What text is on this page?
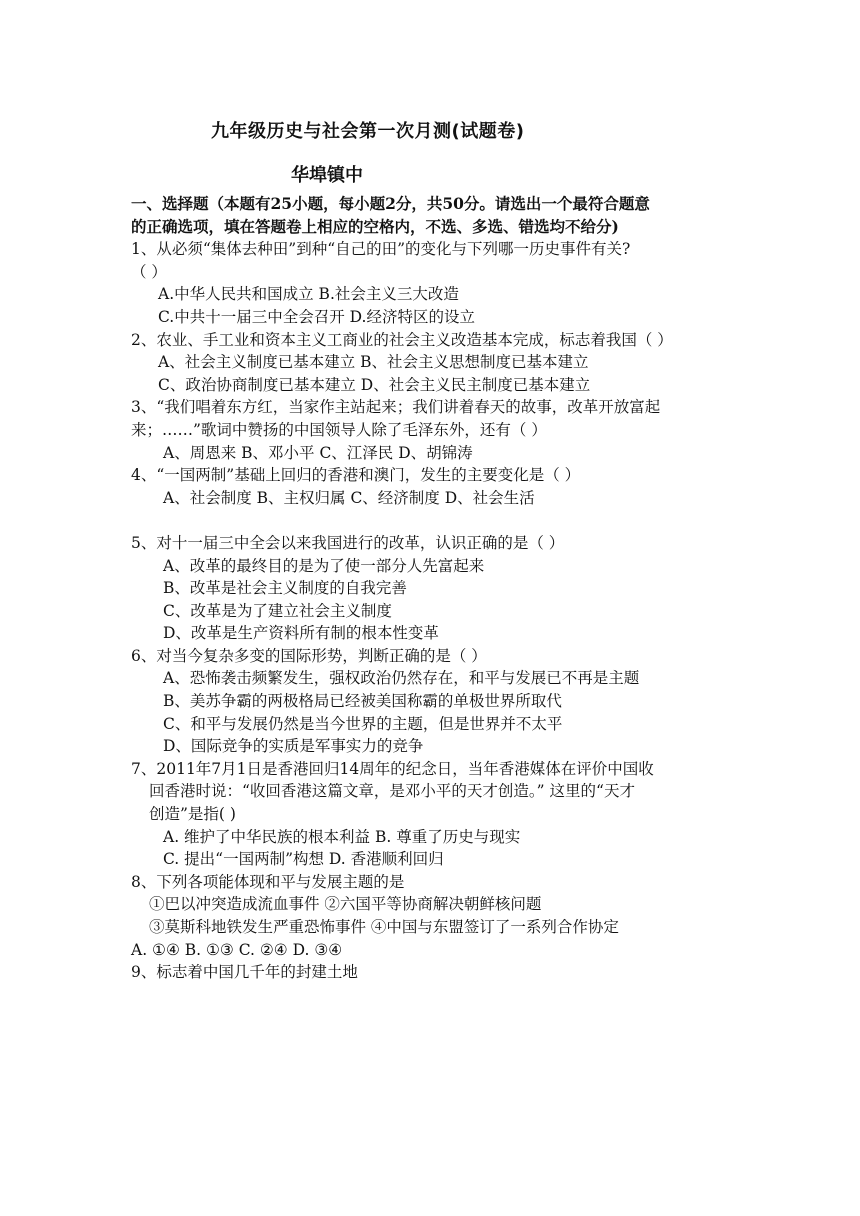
九年级历史与社会第一次月测(试题卷)
华埠镇中
一、选择题（本题有25小题，每小题2分，共50分。请选出一个最符合题意
的正确选项，填在答题卷上相应的空格内，不选、多选、错选均不给分)
1、从必须“集体去种田”到种“自己的田”的变化与下列哪一历史事件有关?
（ ）
A.中华人民共和国成立 B.社会主义三大改造
C.中共十一届三中全会召开 D.经济特区的设立
2、农业、手工业和资本主义工商业的社会主义改造基本完成，标志着我国（ ）
A、社会主义制度已基本建立 B、社会主义思想制度已基本建立
C、政治协商制度已基本建立 D、社会主义民主制度已基本建立
3、“我们唱着东方红，当家作主站起来；我们讲着春天的故事，改革开放富起
来；……”歌词中赞扬的中国领导人除了毛泽东外，还有（ ）
A、周恩来 B、邓小平 C、江泽民 D、胡锦涛
4、“一国两制”基础上回归的香港和澳门，发生的主要变化是（ ）
A、社会制度 B、主权归属 C、经济制度 D、社会生活
5、对十一届三中全会以来我国进行的改革，认识正确的是（ ）
A、改革的最终目的是为了使一部分人先富起来
B、改革是社会主义制度的自我完善
C、改革是为了建立社会主义制度
D、改革是生产资料所有制的根本性变革
6、对当今复杂多变的国际形势，判断正确的是（ ）
A、恐怖袭击频繁发生，强权政治仍然存在，和平与发展已不再是主题
B、美苏争霸的两极格局已经被美国称霸的单极世界所取代
C、和平与发展仍然是当今世界的主题，但是世界并不太平
D、国际竞争的实质是军事实力的竞争
7、2011年7月1日是香港回归14周年的纪念日，当年香港媒体在评价中国收
回香港时说：“收回香港这篇文章，是邓小平的天才创造。” 这里的“天才
创造”是指( )
A. 维护了中华民族的根本利益 B. 尊重了历史与现实
C. 提出“一国两制”构想 D. 香港顺利回归
8、下列各项能体现和平与发展主题的是
①巴以冲突造成流血事件 ②六国平等协商解决朝鲜核问题
③莫斯科地铁发生严重恐怖事件 ④中国与东盟签订了一系列合作协定
A. ①④ B. ①③ C. ②④ D. ③④
9、标志着中国几千年的封建土地
